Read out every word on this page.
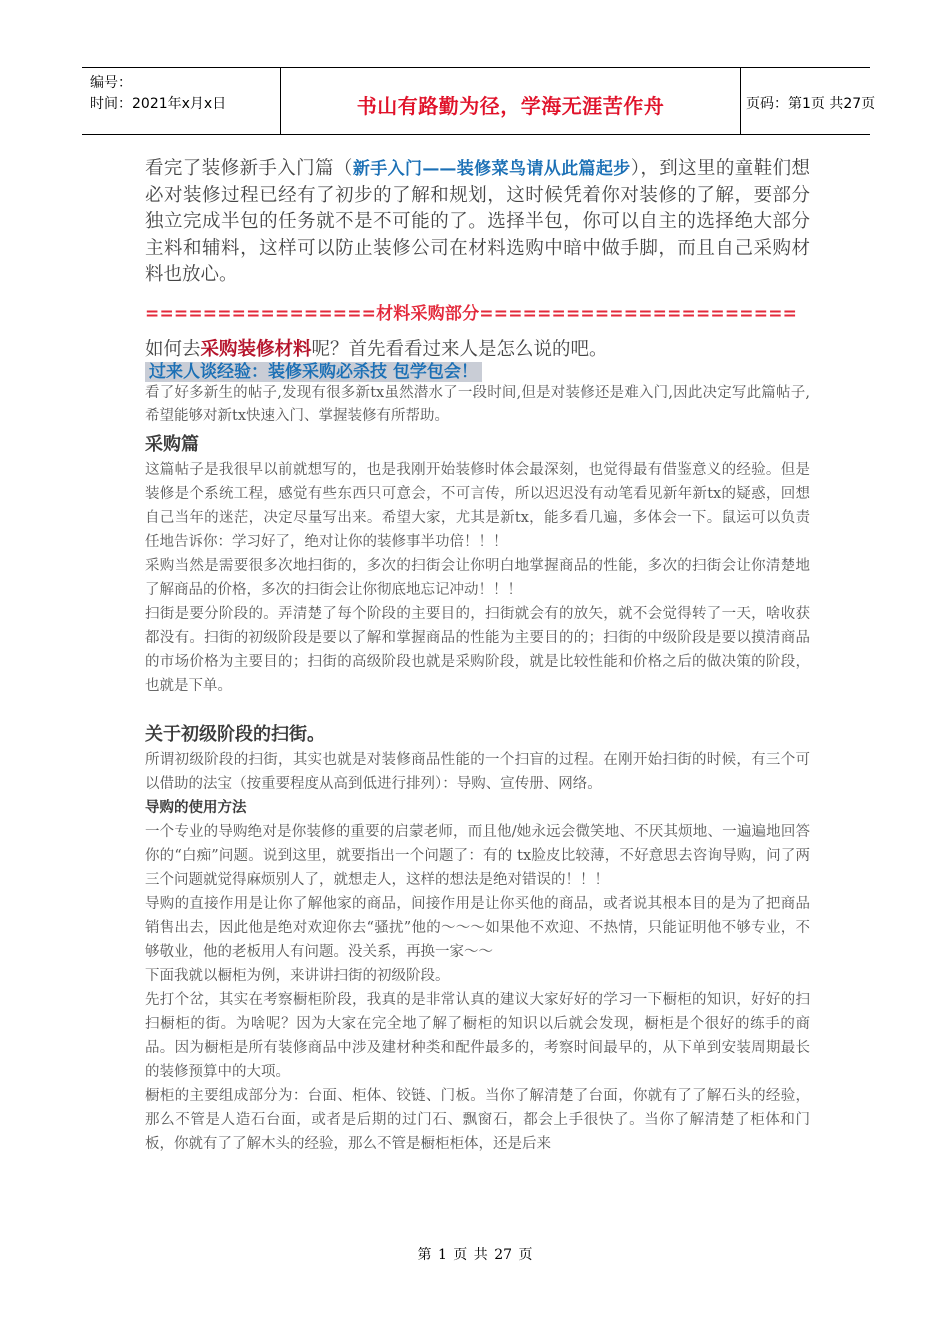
编号：
时间：2021年x月x日	书山有路勤为径，学海无涯苦作舟	页码：第1页 共27页

看完了装修新手入门篇（新手入门——装修菜鸟请从此篇起步），到这里的童鞋们想必对装修过程已经有了初步的了解和规划，这时候凭着你对装修的了解，要部分独立完成半包的任务就不是不可能的了。选择半包，你可以自主的选择绝大部分主料和辅料，这样可以防止装修公司在材料选购中暗中做手脚，而且自己采购材料也放心。

================材料采购部分======================

如何去采购装修材料呢？首先看看过来人是怎么说的吧。

过来人谈经验：装修采购必杀技 包学包会！

看了好多新生的帖子,发现有很多新tx虽然潜水了一段时间,但是对装修还是难入门,因此决定写此篇帖子,希望能够对新tx快速入门、掌握装修有所帮助。

采购篇

这篇帖子是我很早以前就想写的，也是我刚开始装修时体会最深刻，也觉得最有借鉴意义的经验。但是装修是个系统工程，感觉有些东西只可意会，不可言传，所以迟迟没有动笔看见新年新tx的疑惑，回想自己当年的迷茫，决定尽量写出来。希望大家，尤其是新tx，能多看几遍，多体会一下。鼠运可以负责任地告诉你：学习好了，绝对让你的装修事半功倍！！！

采购当然是需要很多次地扫街的，多次的扫街会让你明白地掌握商品的性能，多次的扫街会让你清楚地了解商品的价格，多次的扫街会让你彻底地忘记冲动！！！

扫街是要分阶段的。弄清楚了每个阶段的主要目的，扫街就会有的放矢，就不会觉得转了一天，啥收获都没有。扫街的初级阶段是要以了解和掌握商品的性能为主要目的的；扫街的中级阶段是要以摸清商品的市场价格为主要目的；扫街的高级阶段也就是采购阶段，就是比较性能和价格之后的做决策的阶段，也就是下单。

关于初级阶段的扫街。

所谓初级阶段的扫街，其实也就是对装修商品性能的一个扫盲的过程。在刚开始扫街的时候，有三个可以借助的法宝（按重要程度从高到低进行排列）：导购、宣传册、网络。

导购的使用方法

一个专业的导购绝对是你装修的重要的启蒙老师，而且他/她永远会微笑地、不厌其烦地、一遍遍地回答你的“白痴”问题。说到这里，就要指出一个问题了：有的 tx脸皮比较薄，不好意思去咨询导购，问了两三个问题就觉得麻烦别人了，就想走人，这样的想法是绝对错误的！！！

导购的直接作用是让你了解他家的商品，间接作用是让你买他的商品，或者说其根本目的是为了把商品销售出去，因此他是绝对欢迎你去“骚扰”他的～～～如果他不欢迎、不热情，只能证明他不够专业，不够敬业，他的老板用人有问题。没关系，再换一家～～

下面我就以橱柜为例，来讲讲扫街的初级阶段。

先打个岔，其实在考察橱柜阶段，我真的是非常认真的建议大家好好的学习一下橱柜的知识，好好的扫扫橱柜的街。为啥呢？因为大家在完全地了解了橱柜的知识以后就会发现，橱柜是个很好的练手的商品。因为橱柜是所有装修商品中涉及建材种类和配件最多的，考察时间最早的，从下单到安装周期最长的装修预算中的大项。

橱柜的主要组成部分为：台面、柜体、铰链、门板。当你了解清楚了台面，你就有了了解石头的经验，那么不管是人造石台面，或者是后期的过门石、飘窗石，都会上手很快了。当你了解清楚了柜体和门板，你就有了了解木头的经验，那么不管是橱柜柜体，还是后来

第 1 页 共 27 页
